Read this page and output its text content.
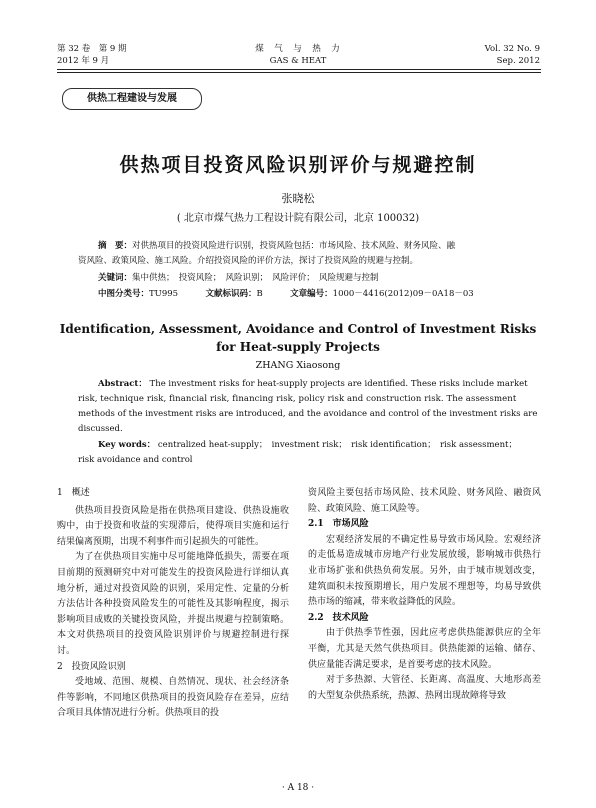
第 32 卷　第 9 期
2012 年 9 月
煤　气　与　热　力
GAS & HEAT
Vol. 32 No. 9
Sep. 2012
供热工程建设与发展
供热项目投资风险识别评价与规避控制
张晓松
( 北京市煤气热力工程设计院有限公司，北京 100032)
摘　要：对供热项目的投资风险进行识别，投资风险包括：市场风险、技术风险、财务风险、融
资风险、政策风险、施工风险。介绍投资风险的评价方法，探讨了投资风险的规避与控制。
关键词：集中供热；　投资风险；　风险识别；　风险评价；　风险规避与控制
中图分类号：TU995	文献标识码：B	文章编号：1000－4416(2012)09－0A18－03
Identification, Assessment, Avoidance and Control of Investment Risks
for Heat-supply Projects
ZHANG Xiaosong
Abstract： The investment risks for heat-supply projects are identified. These risks include market
risk, technique risk, financial risk, financing risk, policy risk and construction risk. The assessment
methods of the investment risks are introduced, and the avoidance and control of the investment risks are
discussed.
Key words： centralized heat-supply；　investment risk；　risk identification；　risk assessment；
risk avoidance and control

1　概述

供热项目投资风险是指在供热项目建设、供热设施收购中，由于投资和收益的实现滞后，使得项目实施和运行结果偏离预期，出现不利事件而引起损失的可能性。

为了在供热项目实施中尽可能地降低损失，需要在项目前期的预测研究中对可能发生的投资风险进行详细认真地分析，通过对投资风险的识别，采用定性、定量的分析方法估计各种投资风险发生的可能性及其影响程度，揭示影响项目成败的关键投资风险，并提出规避与控制策略。本文对供热项目的投资风险识别评价与规避控制进行探讨。

2　投资风险识别

受地域、范围、规模、自然情况、现状、社会经济条件等影响，不同地区供热项目的投资风险存在差异，应结合项目具体情况进行分析。供热项目的投

资风险主要包括市场风险、技术风险、财务风险、融资风险、政策风险、施工风险等。

2.1　市场风险

宏观经济发展的不确定性易导致市场风险。宏观经济的走低易造成城市房地产行业发展放缓，影响城市供热行业市场扩张和供热负荷发展。另外，由于城市规划改变，建筑面积未按预期增长，用户发展不理想等，均易导致供热市场的缩减，带来收益降低的风险。

2.2　技术风险

由于供热季节性强，因此应考虑供热能源供应的全年平衡，尤其是天然气供热项目。供热能源的运输、储存、供应量能否满足要求，是首要考虑的技术风险。

对于多热源、大管径、长距离、高温度、大地形高差的大型复杂供热系统，热源、热网出现故障将导致

· A 18 ·
